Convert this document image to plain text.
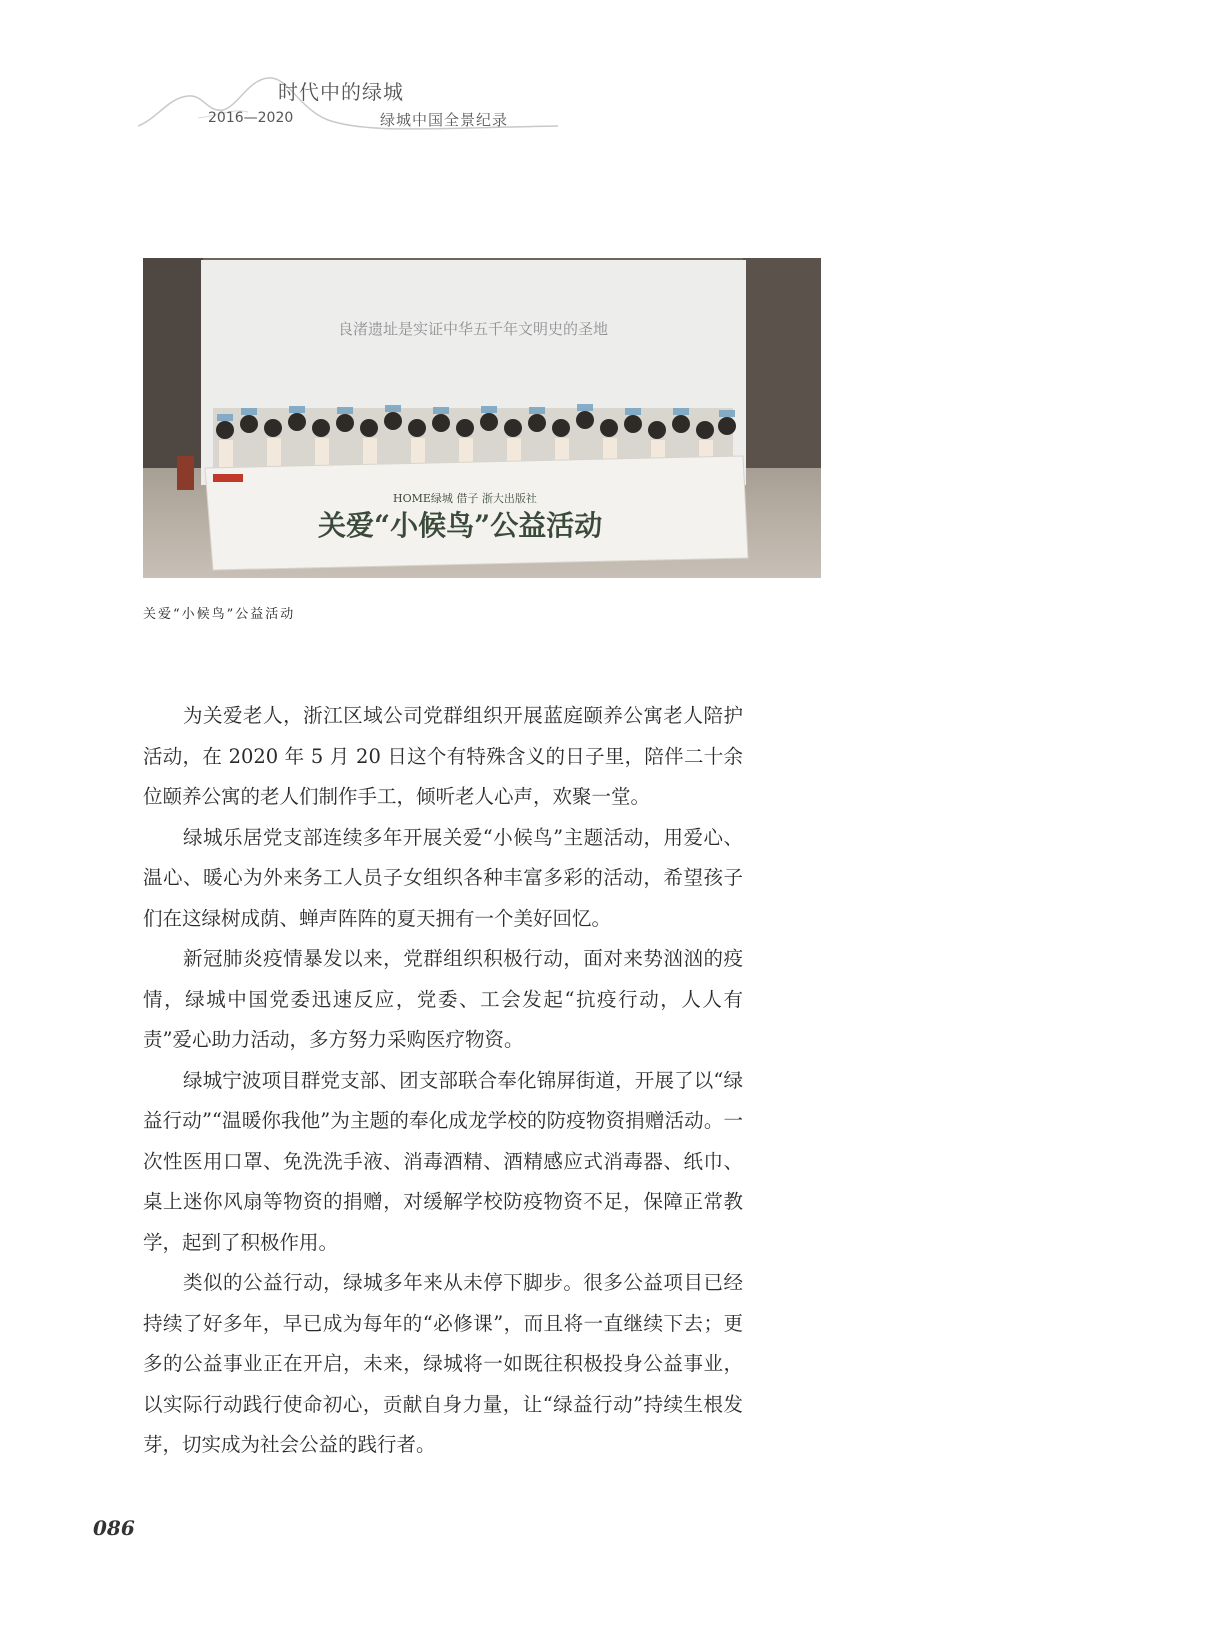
时代中的绿城
2016—2020	绿城中国全景纪录
良渚遗址是实证中华五千年文明史的圣地
HOME绿城 借子 浙大出版社
关爱“小候鸟”公益活动
关爱“小候鸟”公益活动

为关爱老人，浙江区域公司党群组织开展蓝庭颐养公寓老人陪护活动，在 2020 年 5 月 20 日这个有特殊含义的日子里，陪伴二十余位颐养公寓的老人们制作手工，倾听老人心声，欢聚一堂。

绿城乐居党支部连续多年开展关爱“小候鸟”主题活动，用爱心、温心、暖心为外来务工人员子女组织各种丰富多彩的活动，希望孩子们在这绿树成荫、蝉声阵阵的夏天拥有一个美好回忆。

新冠肺炎疫情暴发以来，党群组织积极行动，面对来势汹汹的疫情，绿城中国党委迅速反应，党委、工会发起“抗疫行动，人人有责”爱心助力活动，多方努力采购医疗物资。

绿城宁波项目群党支部、团支部联合奉化锦屏街道，开展了以“绿益行动”“温暖你我他”为主题的奉化成龙学校的防疫物资捐赠活动。一次性医用口罩、免洗洗手液、消毒酒精、酒精感应式消毒器、纸巾、桌上迷你风扇等物资的捐赠，对缓解学校防疫物资不足，保障正常教学，起到了积极作用。

类似的公益行动，绿城多年来从未停下脚步。很多公益项目已经持续了好多年，早已成为每年的“必修课”，而且将一直继续下去；更多的公益事业正在开启，未来，绿城将一如既往积极投身公益事业，以实际行动践行使命初心，贡献自身力量，让“绿益行动”持续生根发芽，切实成为社会公益的践行者。

086
